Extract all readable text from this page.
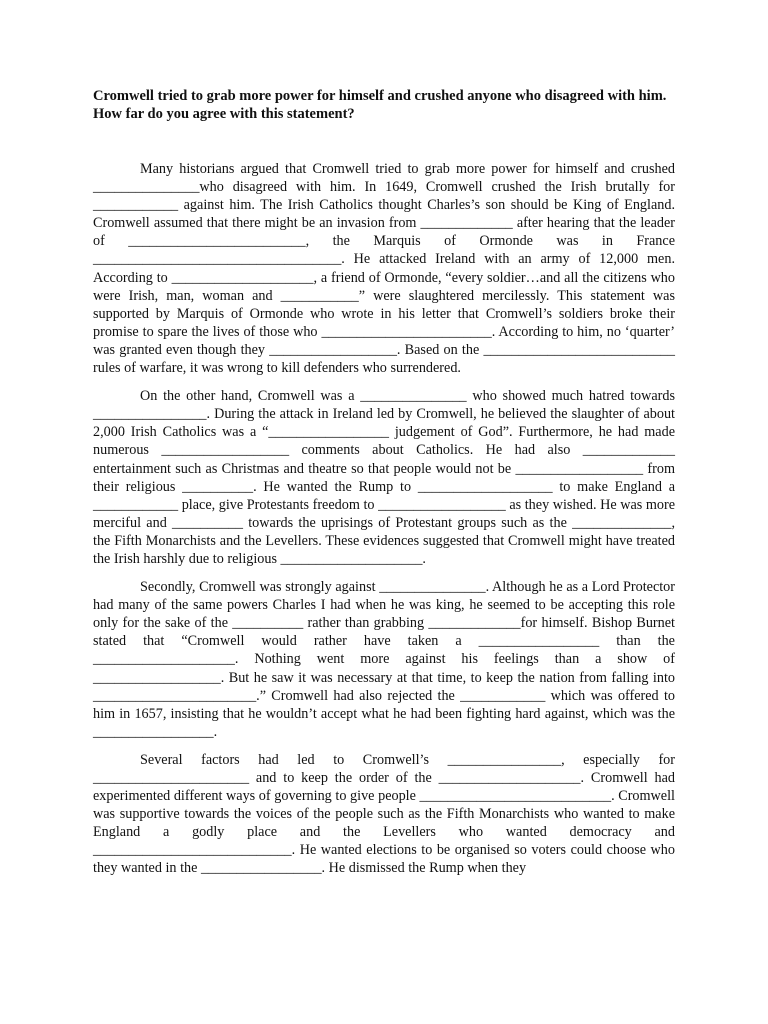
Cromwell tried to grab more power for himself and crushed anyone who disagreed with him. How far do you agree with this statement?

Many historians argued that Cromwell tried to grab more power for himself and crushed _______________who disagreed with him. In 1649, Cromwell crushed the Irish brutally for ____________ against him. The Irish Catholics thought Charles’s son should be King of England. Cromwell assumed that there might be an invasion from _____________ after hearing that the leader of _________________________, the Marquis of Ormonde was in France ___________________________________. He attacked Ireland with an army of 12,000 men. According to ____________________, a friend of Ormonde, “every soldier…and all the citizens who were Irish, man, woman and ___________” were slaughtered mercilessly. This statement was supported by Marquis of Ormonde who wrote in his letter that Cromwell’s soldiers broke their promise to spare the lives of those who ________________________. According to him, no ‘quarter’ was granted even though they __________________. Based on the ___________________________ rules of warfare, it was wrong to kill defenders who surrendered.

On the other hand, Cromwell was a _______________ who showed much hatred towards ________________. During the attack in Ireland led by Cromwell, he believed the slaughter of about 2,000 Irish Catholics was a “_________________ judgement of God”. Furthermore, he had made numerous __________________ comments about Catholics. He had also _____________ entertainment such as Christmas and theatre so that people would not be __________________ from their religious __________. He wanted the Rump to ___________________ to make England a ____________ place, give Protestants freedom to __________________ as they wished. He was more merciful and __________ towards the uprisings of Protestant groups such as the ______________, the Fifth Monarchists and the Levellers. These evidences suggested that Cromwell might have treated the Irish harshly due to religious ____________________.

Secondly, Cromwell was strongly against _______________. Although he as a Lord Protector had many of the same powers Charles I had when he was king, he seemed to be accepting this role only for the sake of the __________ rather than grabbing _____________for himself. Bishop Burnet stated that “Cromwell would rather have taken a _________________ than the ____________________. Nothing went more against his feelings than a show of __________________. But he saw it was necessary at that time, to keep the nation from falling into _______________________.” Cromwell had also rejected the ____________ which was offered to him in 1657, insisting that he wouldn’t accept what he had been fighting hard against, which was the _________________.

Several factors had led to Cromwell’s ________________, especially for ______________________ and to keep the order of the ____________________. Cromwell had experimented different ways of governing to give people ___________________________. Cromwell was supportive towards the voices of the people such as the Fifth Monarchists who wanted to make England a godly place and the Levellers who wanted democracy and ____________________________. He wanted elections to be organised so voters could choose who they wanted in the _________________. He dismissed the Rump when they
